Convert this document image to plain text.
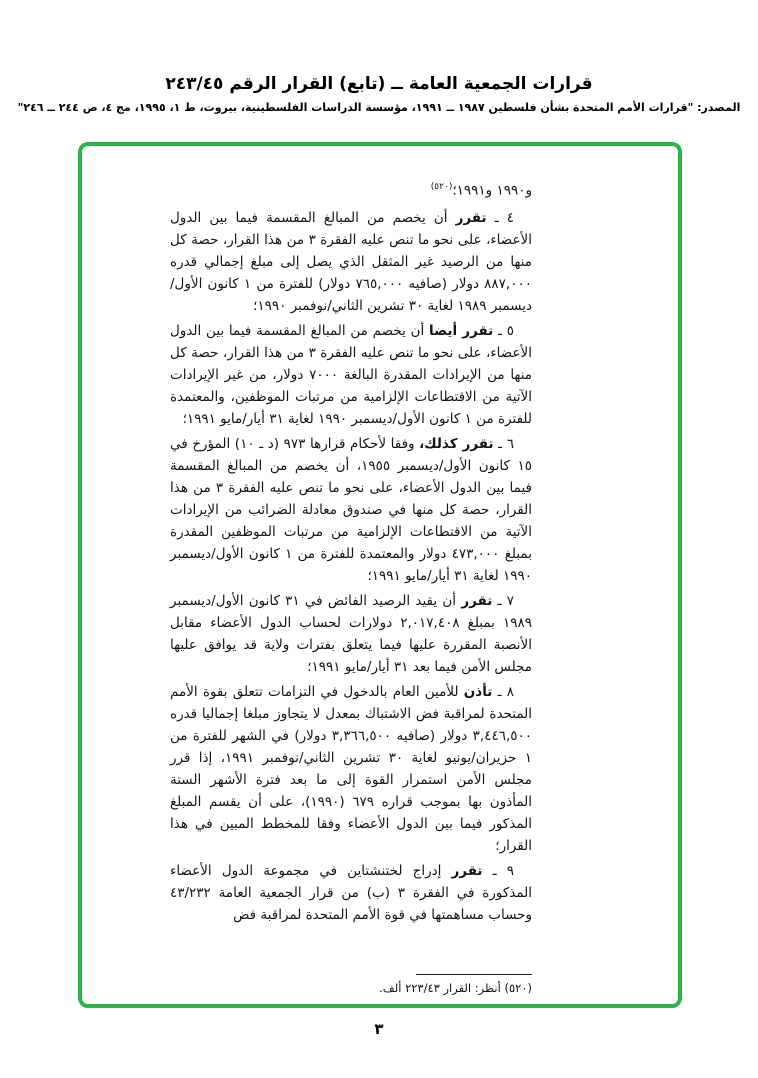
قرارات الجمعية العامة ــ (تابع) القرار الرقم ٢٤٣/٤٥
المصدر: "قرارات الأمم المتحدة بشأن فلسطين ١٩٨٧ ــ ١٩٩١، مؤسسة الدراسات الفلسطينية، بيروت، ط ١، ١٩٩٥، مج ٤، ص ٢٤٤ ــ ٢٤٦"

و١٩٩٠ و١٩٩١؛$^{(٥٢٠)}$

٤ ـ تقرر أن يخصم من المبالغ المقسمة فيما بين الدول الأعضاء، على نحو ما تنص عليه الفقرة ٣ من هذا القرار، حصة كل منها من الرصيد غير المثقل الذي يصل إلى مبلغ إجمالي قدره ٨٨٧,٠٠٠ دولار (صافيه ٧٦٥,٠٠٠ دولار) للفترة من ١ كانون الأول/ديسمبر ١٩٨٩ لغاية ٣٠ تشرين الثاني/نوفمبر ١٩٩٠؛

٥ ـ تقرر أيضا أن يخصم من المبالغ المقسمة فيما بين الدول الأعضاء، على نحو ما تنص عليه الفقرة ٣ من هذا القرار، حصة كل منها من الإيرادات المقدرة البالغة ٧٠٠٠ دولار، من غير الإيرادات الآتية من الاقتطاعات الإلزامية من مرتبات الموظفين، والمعتمدة للفترة من ١ كانون الأول/ديسمبر ١٩٩٠ لغاية ٣١ أيار/مايو ١٩٩١؛

٦ ـ تقرر كذلك، وفقا لأحكام قرارها ٩٧٣ (د ـ ١٠) المؤرخ في ١٥ كانون الأول/ديسمبر ١٩٥٥، أن يخصم من المبالغ المقسمة فيما بين الدول الأعضاء، على نحو ما تنص عليه الفقرة ٣ من هذا القرار، حصة كل منها في صندوق معادلة الضرائب من الإيرادات الآتية من الاقتطاعات الإلزامية من مرتبات الموظفين المقدرة بمبلغ ٤٧٣,٠٠٠ دولار والمعتمدة للفترة من ١ كانون الأول/ديسمبر ١٩٩٠ لغاية ٣١ أيار/مايو ١٩٩١؛

٧ ـ تقرر أن يقيد الرصيد الفائض في ٣١ كانون الأول/ديسمبر ١٩٨٩ بمبلغ ٢,٠١٧,٤٠٨ دولارات لحساب الدول الأعضاء مقابل الأنصبة المقررة عليها فيما يتعلق بفترات ولاية قد يوافق عليها مجلس الأمن فيما بعد ٣١ أيار/مايو ١٩٩١؛

٨ ـ تأذن للأمين العام بالدخول في التزامات تتعلق بقوة الأمم المتحدة لمراقبة فض الاشتباك بمعدل لا يتجاوز مبلغا إجماليا قدره ٣,٤٤٦,٥٠٠ دولار (صافيه ٣,٣٦٦,٥٠٠ دولار) في الشهر للفترة من ١ حزيران/يونيو لغاية ٣٠ تشرين الثاني/نوفمبر ١٩٩١، إذا قرر مجلس الأمن استمرار القوة إلى ما بعد فترة الأشهر الستة المأذون بها بموجب قراره ٦٧٩ (١٩٩٠)، على أن يقسم المبلغ المذكور فيما بين الدول الأعضاء وفقا للمخطط المبين في هذا القرار؛

٩ ـ تقرر إدراج لختنشتاين في مجموعة الدول الأعضاء المذكورة في الفقرة ٣ (ب) من قرار الجمعية العامة ٤٣/٢٣٢ وحساب مساهمتها في قوة الأمم المتحدة لمراقبة فض

(٥٢٠) أنظر: القرار ٢٢٣/٤٣ ألف.

٣
